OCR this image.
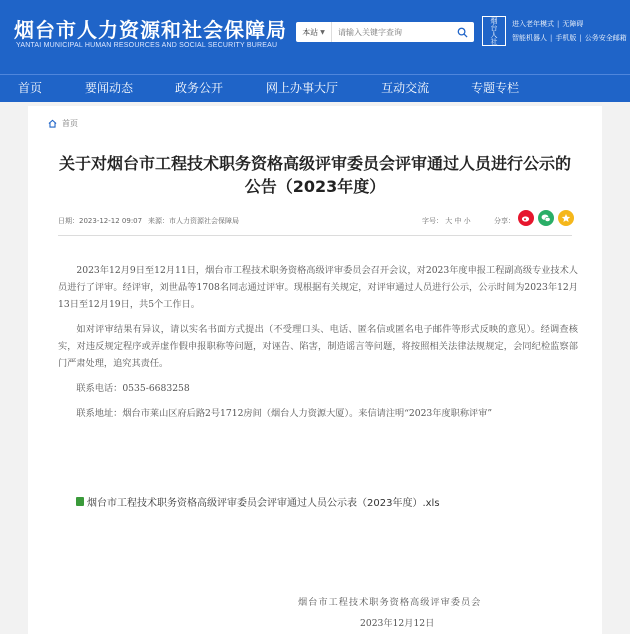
烟台市人力资源和社会保障局
YANTAI MUNICIPAL HUMAN RESOURCES AND SOCIAL SECURITY BUREAU
本站 ▼
请输入关键字查询	烟台人社 进入老年模式 | 无障碍
智能机器人 | 手机版 | 公务安全邮箱
首页	要闻动态	政务公开	网上办事大厅	互动交流	专题专栏
首页
关于对烟台市工程技术职务资格高级评审委员会评审通过人员进行公示的公告（2023年度）
日期：2023-12-12 09:07 来源：市人力资源社会保障局	字号： 大 中 小	分享：

2023年12月9日至12月11日，烟台市工程技术职务资格高级评审委员会召开会议，对2023年度申报工程副高级专业技术人员进行了评审。经评审，刘世晶等1708名同志通过评审。现根据有关规定，对评审通过人员进行公示，公示时间为2023年12月13日至12月19日，共5个工作日。

如对评审结果有异议，请以实名书面方式提出（不受理口头、电话、匿名信或匿名电子邮件等形式反映的意见）。经调查核实，对违反规定程序或弄虚作假申报职称等问题，对诬告、陷害，制造谣言等问题，将按照相关法律法规规定，会同纪检监察部门严肃处理，追究其责任。

联系电话：0535-6683258

联系地址：烟台市莱山区府后路2号1712房间（烟台人力资源大厦）。来信请注明“2023年度职称评审”

烟台市工程技术职务资格高级评审委员会评审通过人员公示表（2023年度）.xls
烟台市工程技术职务资格高级评审委员会
2023年12月12日
